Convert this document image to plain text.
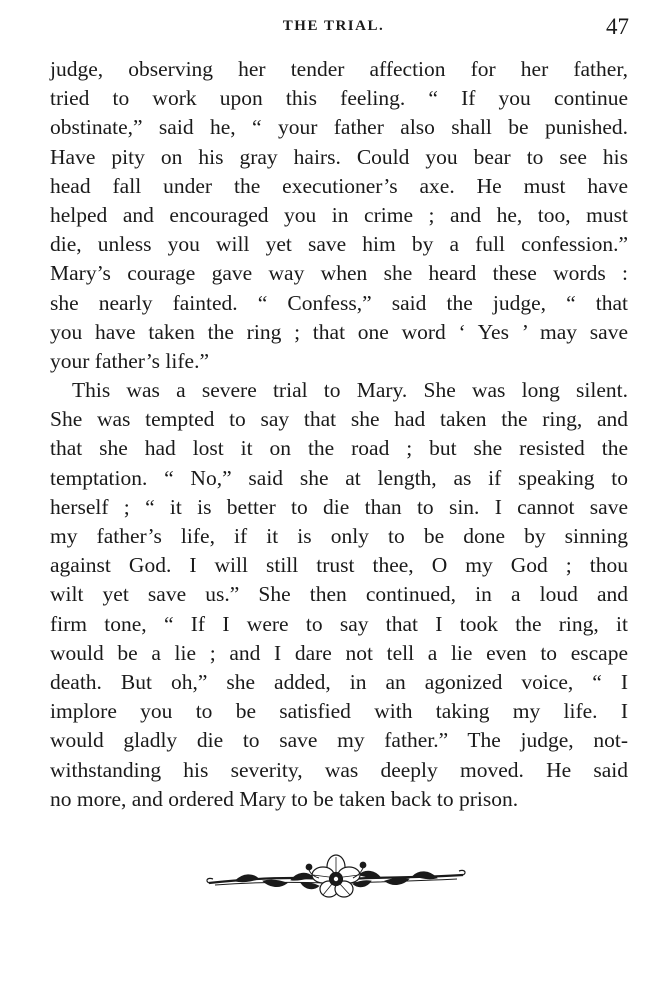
THE TRIAL.	47
judge, observing her tender affection for her father,
tried to work upon this feeling. “ If you continue
obstinate,” said he, “ your father also shall be punished.
Have pity on his gray hairs. Could you bear to see his
head fall under the executioner’s axe. He must have
helped and encouraged you in crime ; and he, too, must
die, unless you will yet save him by a full confession.”
Mary’s courage gave way when she heard these words :
she nearly fainted. “ Confess,” said the judge, “ that
you have taken the ring ; that one word ‘ Yes ’ may save
your father’s life.”
This was a severe trial to Mary. She was long silent.
She was tempted to say that she had taken the ring, and
that she had lost it on the road ; but she resisted the
temptation. “ No,” said she at length, as if speaking to
herself ; “ it is better to die than to sin. I cannot save
my father’s life, if it is only to be done by sinning
against God. I will still trust thee, O my God ; thou
wilt yet save us.” She then continued, in a loud and
firm tone, “ If I were to say that I took the ring, it
would be a lie ; and I dare not tell a lie even to escape
death. But oh,” she added, in an agonized voice, “ I
implore you to be satisfied with taking my life. I
would gladly die to save my father.” The judge, not-
withstanding his severity, was deeply moved. He said
no more, and ordered Mary to be taken back to prison.
